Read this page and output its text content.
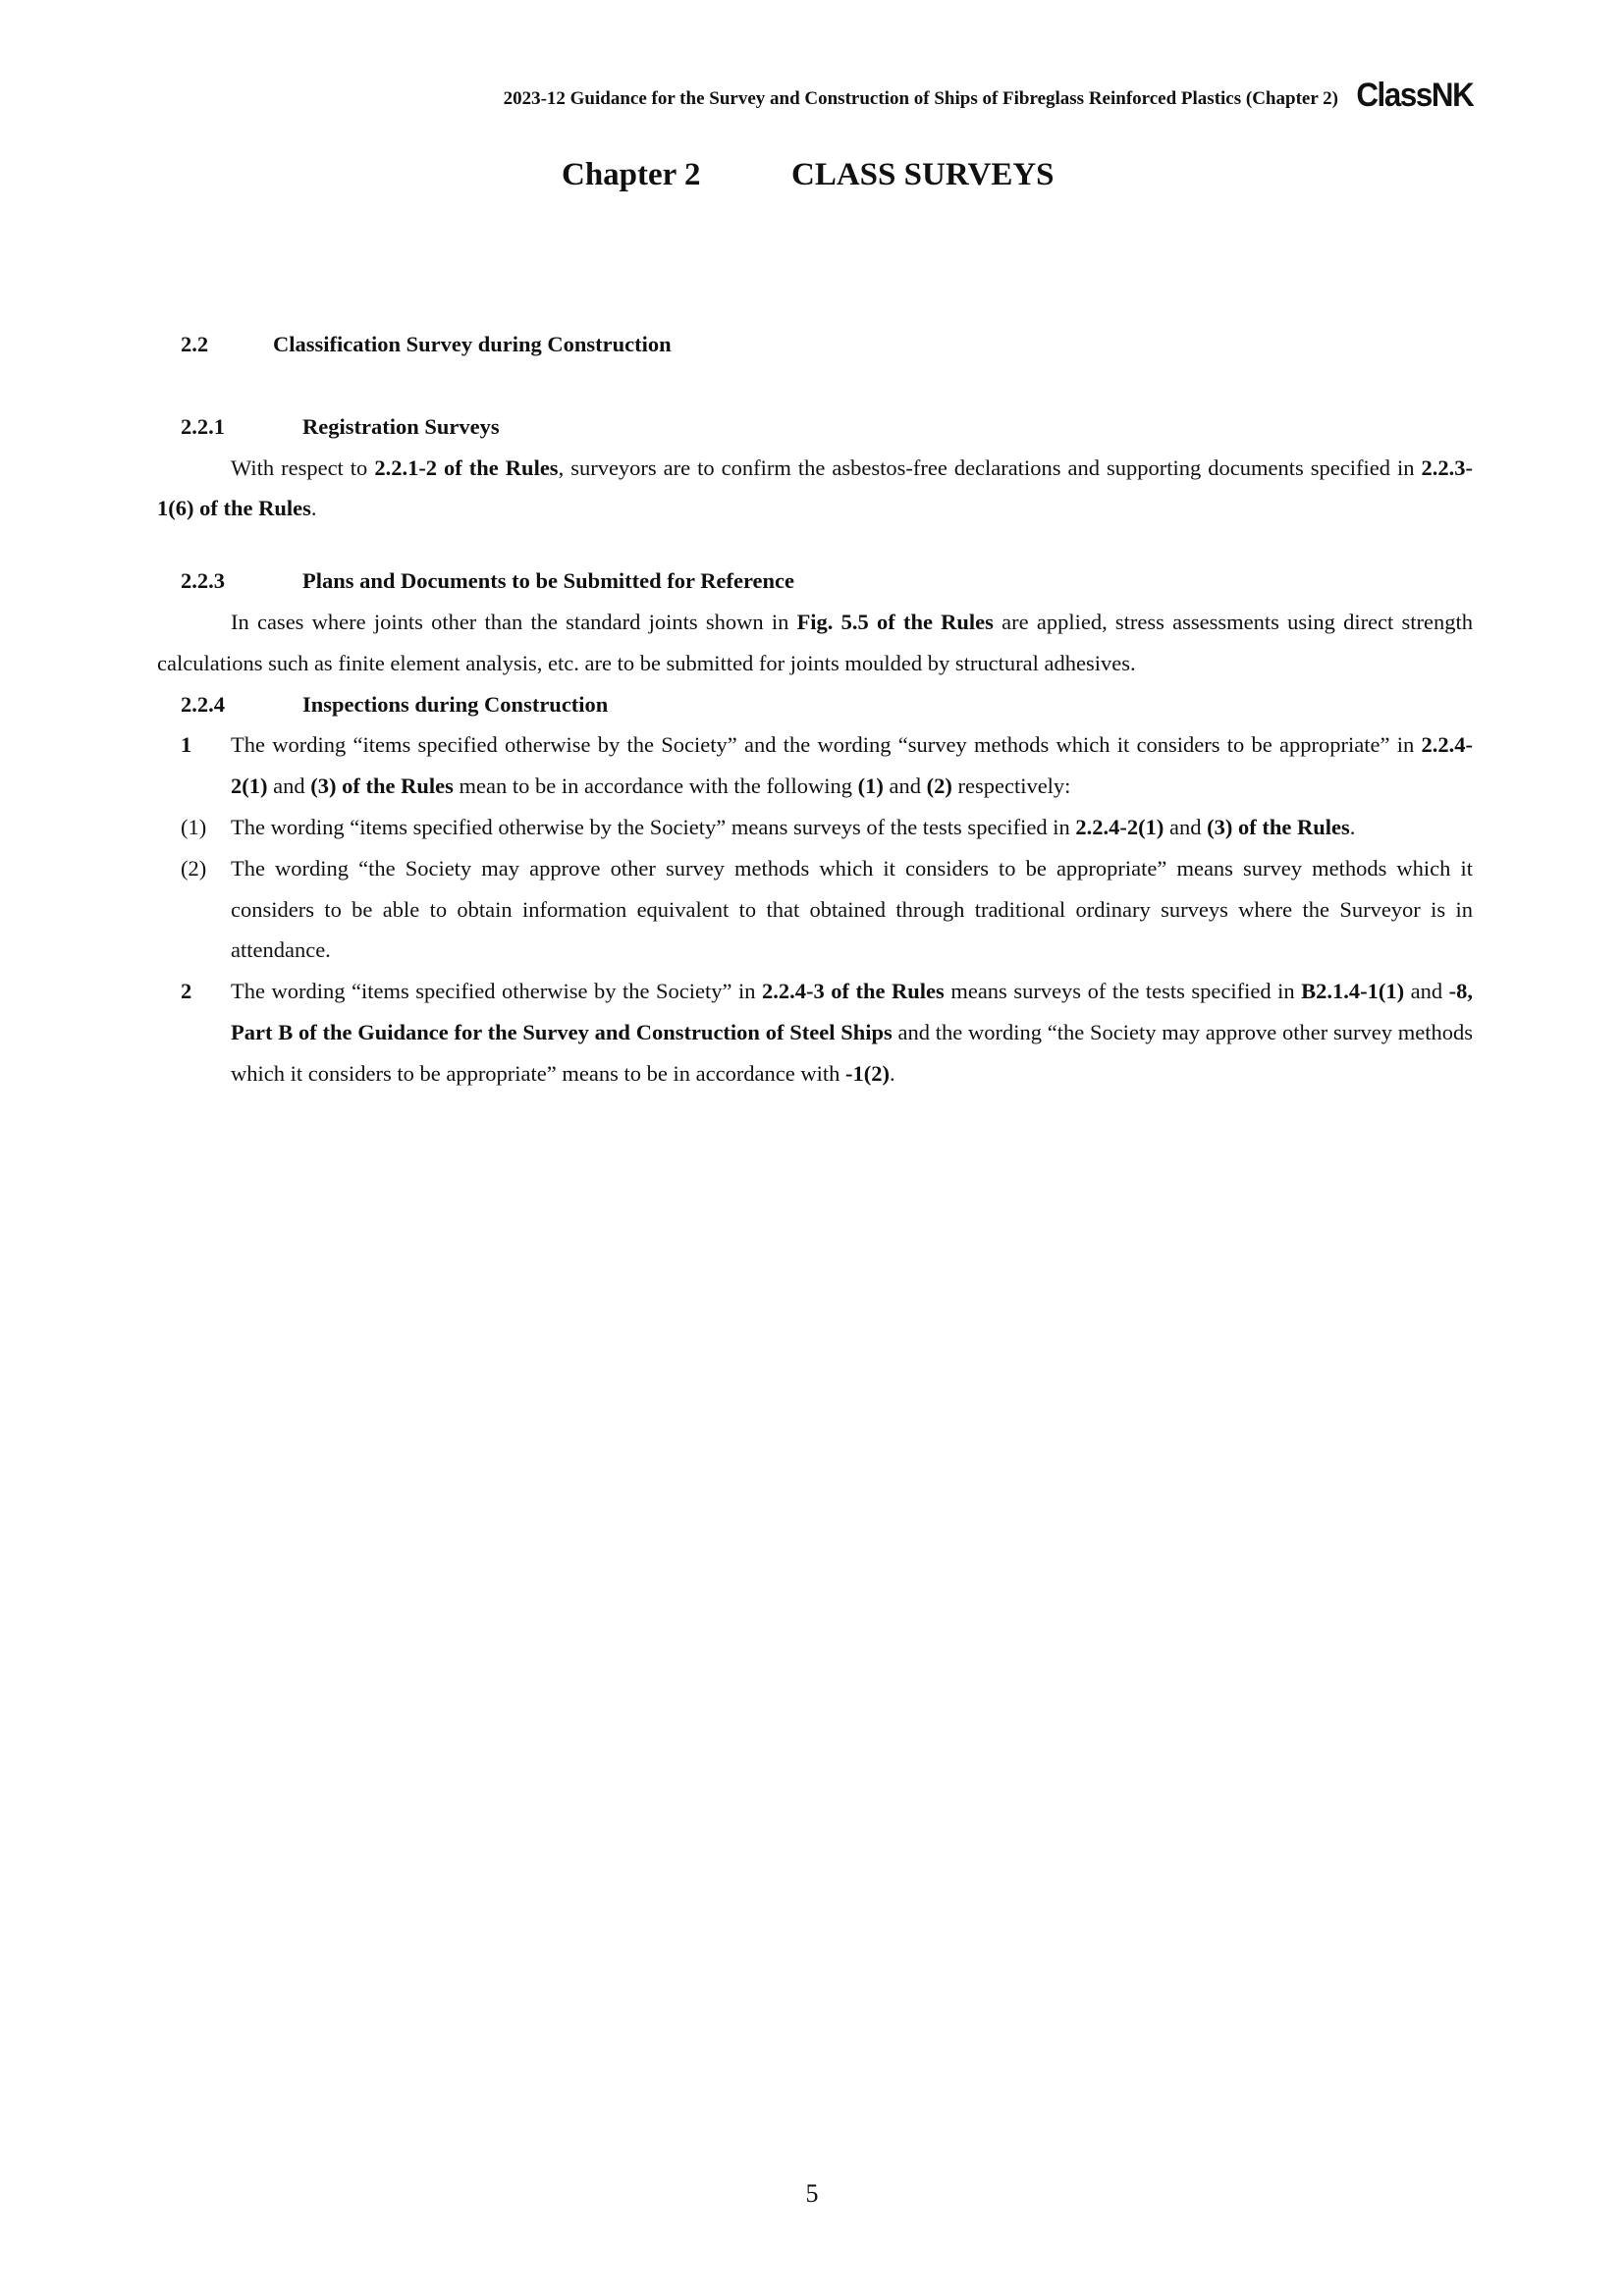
2023-12 Guidance for the Survey and Construction of Ships of Fibreglass Reinforced Plastics (Chapter 2) ClassNK
Chapter 2	CLASS SURVEYS
2.2	Classification Survey during Construction
2.2.1	Registration Surveys

With respect to 2.2.1-2 of the Rules, surveyors are to confirm the asbestos-free declarations and supporting documents specified in 2.2.3-1(6) of the Rules.

2.2.3	Plans and Documents to be Submitted for Reference

In cases where joints other than the standard joints shown in Fig. 5.5 of the Rules are applied, stress assessments using direct strength calculations such as finite element analysis, etc. are to be submitted for joints moulded by structural adhesives.

2.2.4	Inspections during Construction

1 The wording “items specified otherwise by the Society” and the wording “survey methods which it considers to be appropriate” in 2.2.4-2(1) and (3) of the Rules mean to be in accordance with the following (1) and (2) respectively:

(1) The wording “items specified otherwise by the Society” means surveys of the tests specified in 2.2.4-2(1) and (3) of the Rules.

(2) The wording “the Society may approve other survey methods which it considers to be appropriate” means survey methods which it considers to be able to obtain information equivalent to that obtained through traditional ordinary surveys where the Surveyor is in attendance.

2 The wording “items specified otherwise by the Society” in 2.2.4-3 of the Rules means surveys of the tests specified in B2.1.4-1(1) and -8, Part B of the Guidance for the Survey and Construction of Steel Ships and the wording “the Society may approve other survey methods which it considers to be appropriate” means to be in accordance with -1(2).

5
